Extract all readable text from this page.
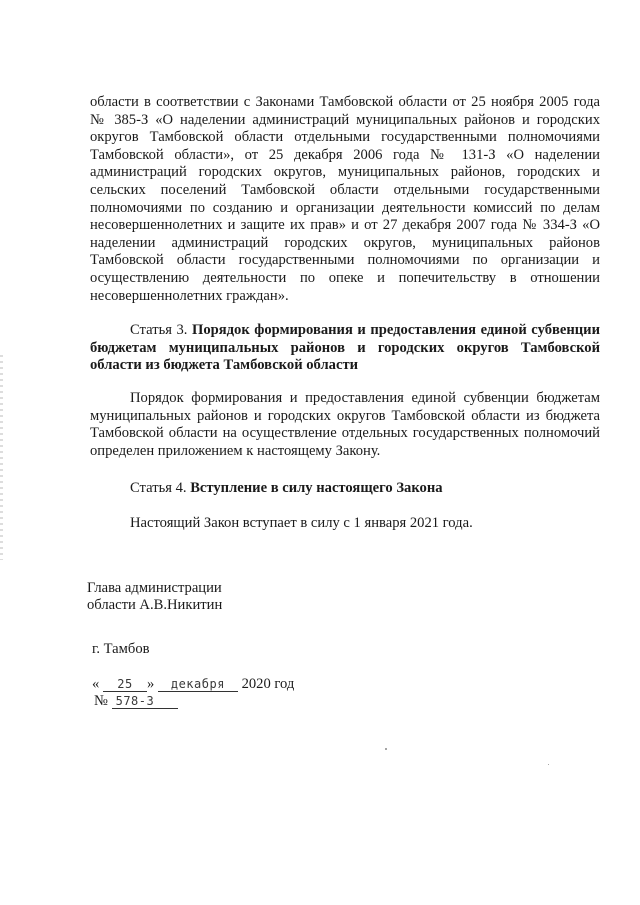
области в соответствии с Законами Тамбовской области от 25 ноября 2005 года № 385-З «О наделении администраций муниципальных районов и городских округов Тамбовской области отдельными государственными полномочиями Тамбовской области», от 25 декабря 2006 года № 131-З «О наделении администраций городских округов, муниципальных районов, городских и сельских поселений Тамбовской области отдельными государственными полномочиями по созданию и организации деятельности комиссий по делам несовершеннолетних и защите их прав» и от 27 декабря 2007 года № 334-З «О наделении администраций городских округов, муниципальных районов Тамбовской области государственными полномочиями по организации и осуществлению деятельности по опеке и попечительству в отношении несовершеннолетних граждан».

Статья 3. Порядок формирования и предоставления единой субвенции бюджетам муниципальных районов и городских округов Тамбовской области из бюджета Тамбовской области

Порядок формирования и предоставления единой субвенции бюджетам муниципальных районов и городских округов Тамбовской области из бюджета Тамбовской области на осуществление отдельных государственных полномочий определен приложением к настоящему Закону.

Статья 4. Вступление в силу настоящего Закона

Настоящий Закон вступает в силу с 1 января 2021 года.

Глава администрации
области А.В.Никитин
г. Тамбов
« 25 » декабря 2020 год
№ 578-З
